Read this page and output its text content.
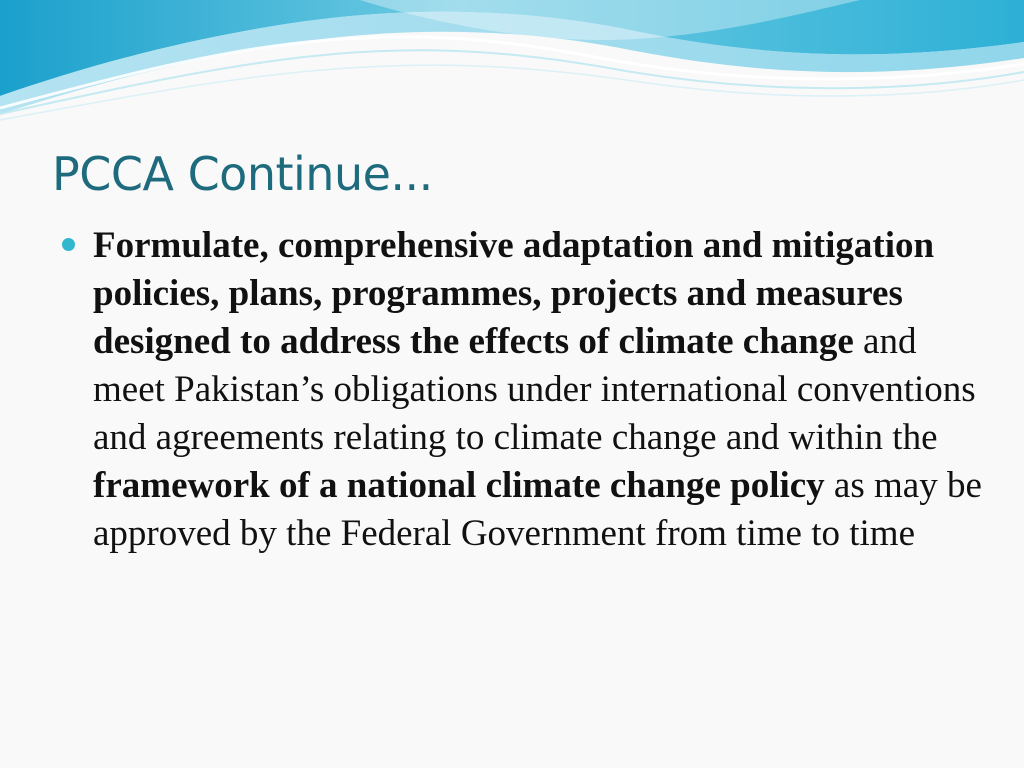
PCCA Continue...
Formulate, comprehensive adaptation and mitigation policies, plans, programmes, projects and measures designed to address the effects of climate change and meet Pakistan’s obligations under international conventions and agreements relating to climate change and within the framework of a national climate change policy as may be approved by the Federal Government from time to time
